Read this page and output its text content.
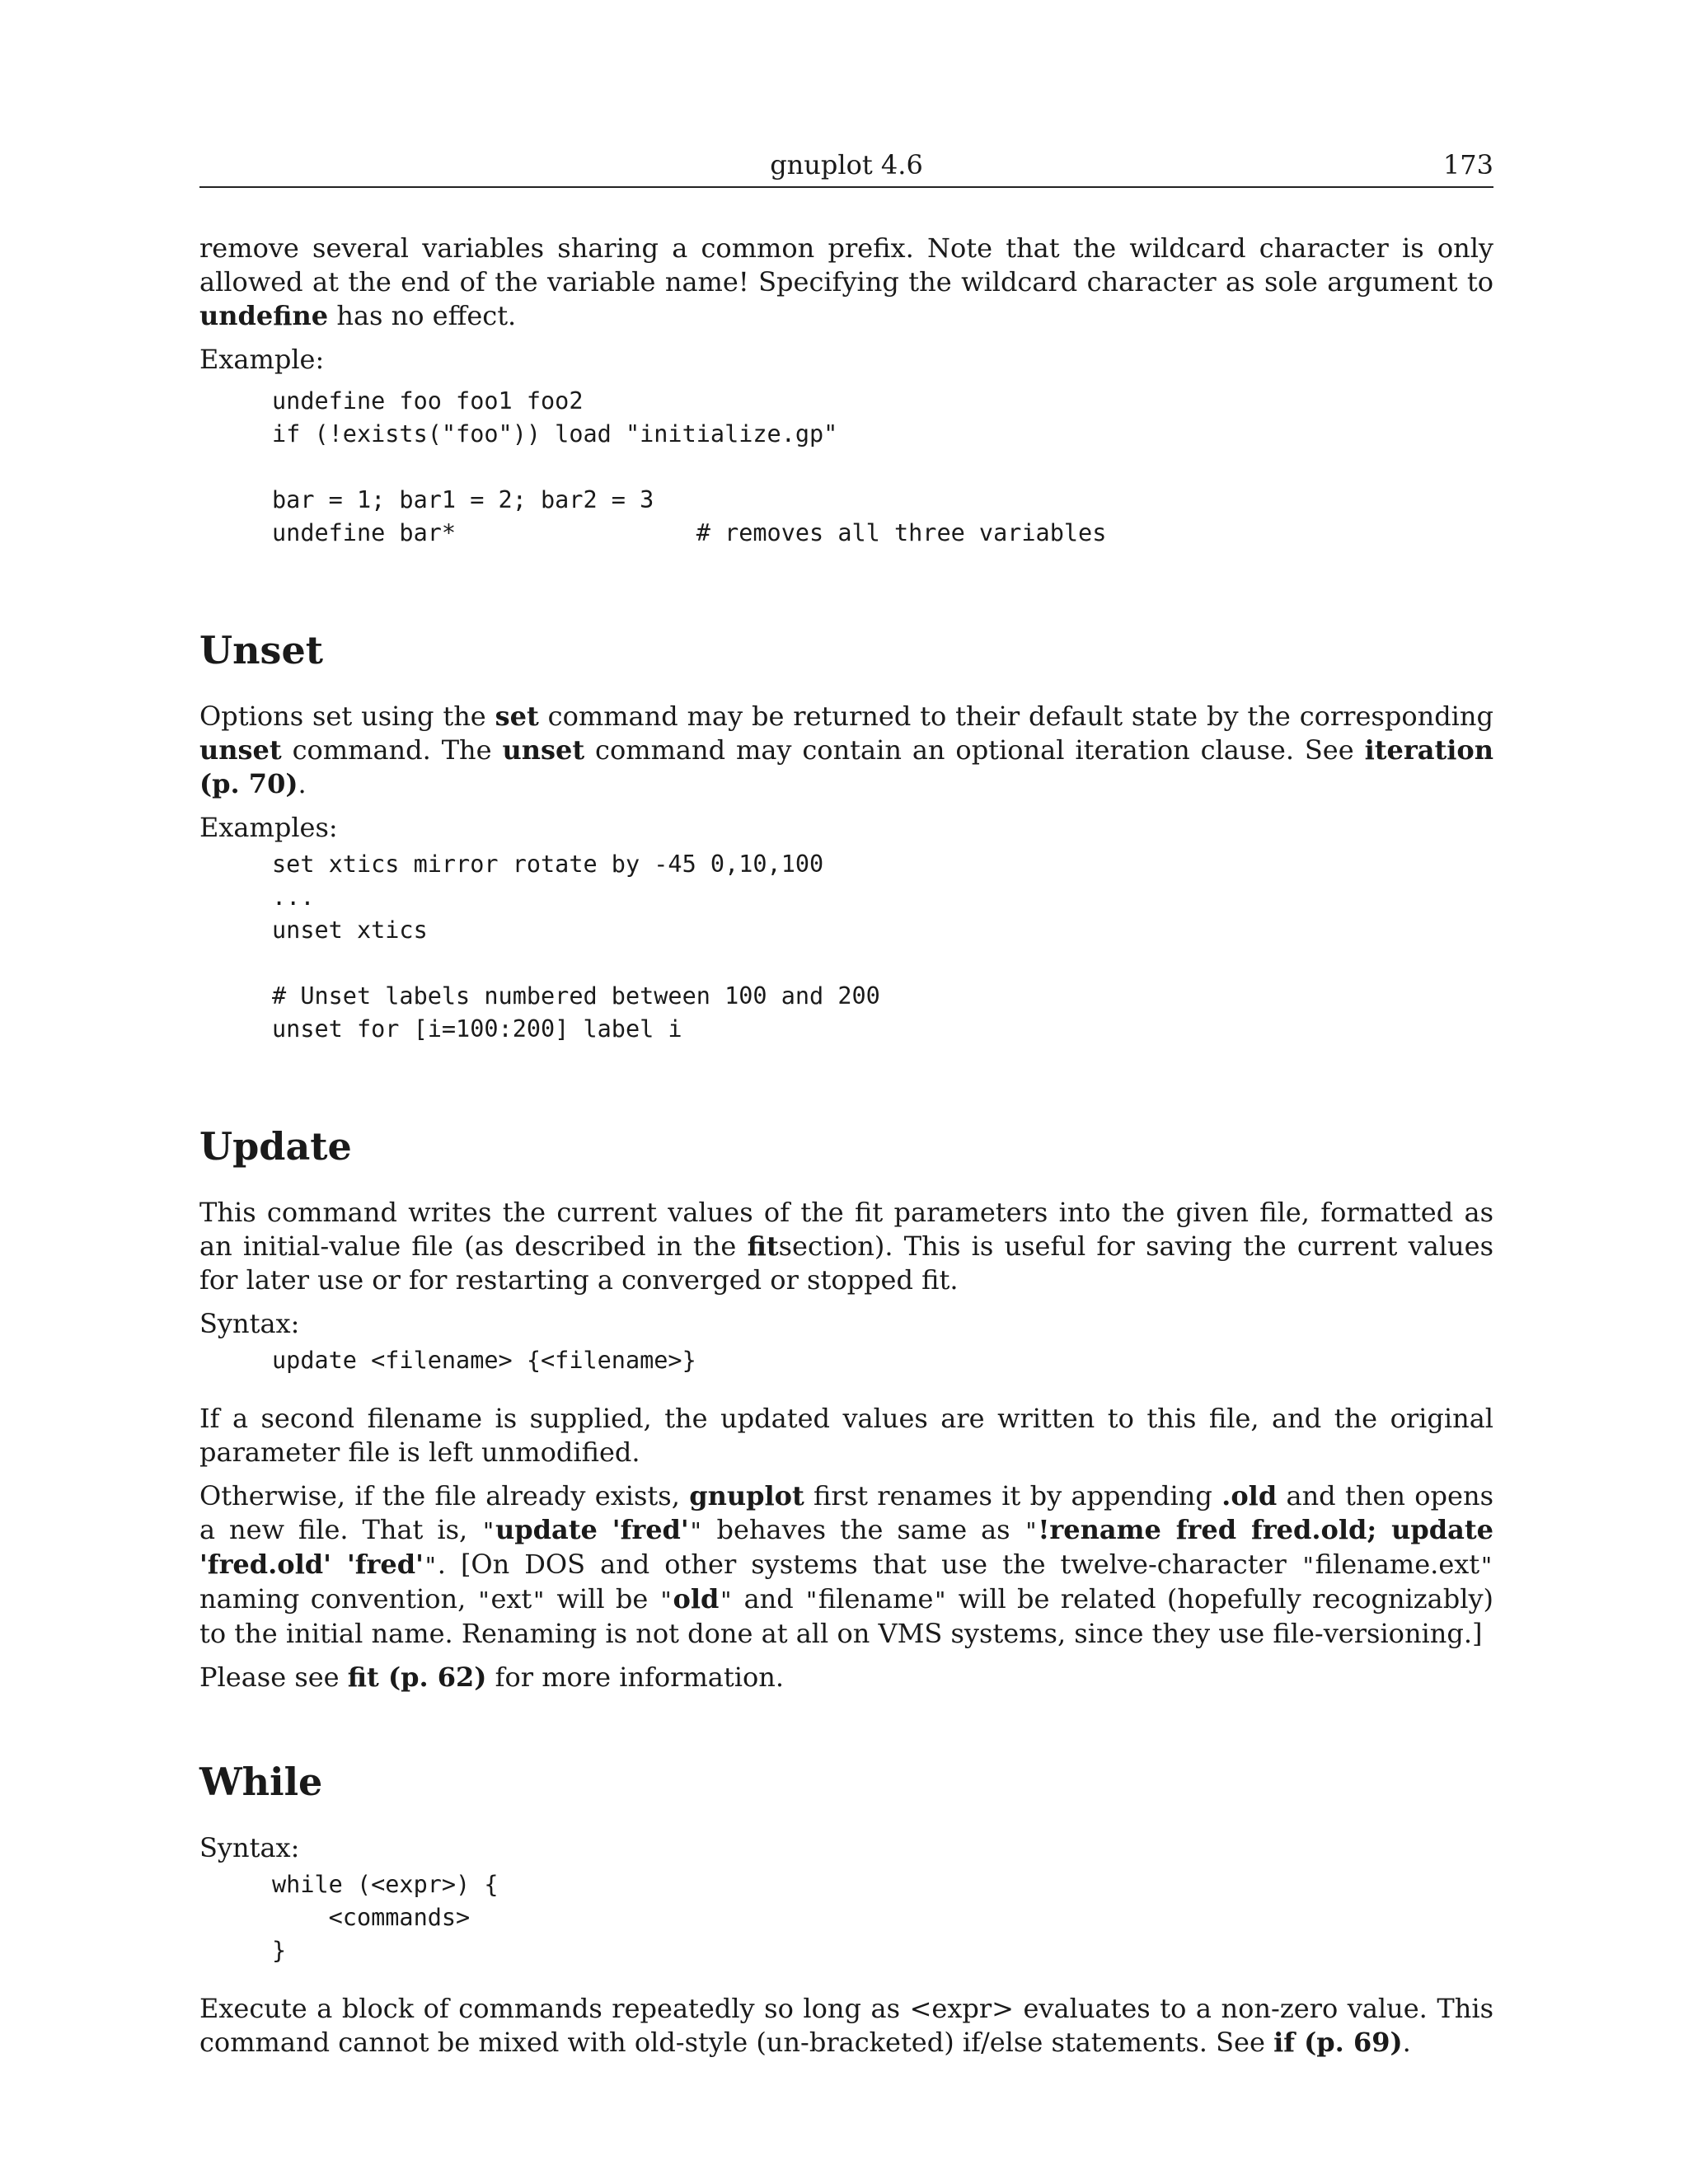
gnuplot 4.6	173

remove several variables sharing a common prefix. Note that the wildcard character is only allowed at the end of the variable name! Specifying the wildcard character as sole argument to undefine has no effect.

Example:

undefine foo foo1 foo2
if (!exists("foo")) load "initialize.gp"

bar = 1; bar1 = 2; bar2 = 3
undefine bar*                 # removes all three variables
Unset

Options set using the set command may be returned to their default state by the corresponding unset command. The unset command may contain an optional iteration clause. See iteration (p. 70).

Examples:

set xtics mirror rotate by -45 0,10,100
...
unset xtics

# Unset labels numbered between 100 and 200
unset for [i=100:200] label i
Update

This command writes the current values of the fit parameters into the given file, formatted as an initial-value file (as described in the fitsection). This is useful for saving the current values for later use or for restarting a converged or stopped fit.

Syntax:

update <filename> {<filename>}

If a second filename is supplied, the updated values are written to this file, and the original parameter file is left unmodified.

Otherwise, if the file already exists, gnuplot first renames it by appending .old and then opens a new file. That is, "update 'fred'" behaves the same as "!rename fred fred.old; update 'fred.old' 'fred'". [On DOS and other systems that use the twelve-character "filename.ext" naming convention, "ext" will be "old" and "filename" will be related (hopefully recognizably) to the initial name. Renaming is not done at all on VMS systems, since they use file-versioning.]

Please see fit (p. 62) for more information.

While

Syntax:

while (<expr>) {
<commands>
}

Execute a block of commands repeatedly so long as <expr> evaluates to a non-zero value. This command cannot be mixed with old-style (un-bracketed) if/else statements. See if (p. 69).
